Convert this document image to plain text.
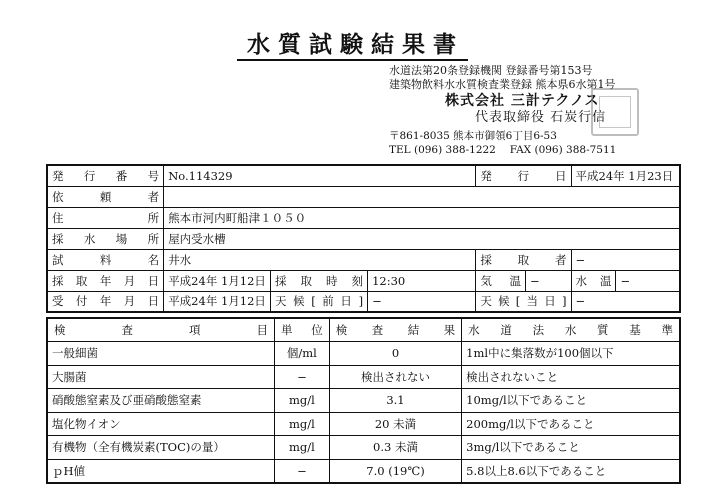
水質試験結果書
水道法第20条登録機関 登録番号第153号
建築物飲料水水質検査業登録 熊本県6水第1号
株式会社 三計テクノス
代表取締役 石炭行信
〒861-8035 熊本市御領6丁目6-53
TEL (096) 388-1222　 FAX (096) 388-7511
発行番号	No.114329			発行日		平成24年 1月23日	
依頼者							
住所	熊本市河内町船津１０５０						
採水場所	屋内受水槽						
試料名	井水			採取者		−	
採取年月日	平成24年 1月12日	採取時刻	12:30	気温	−	水温	−
受付年月日	平成24年 1月12日	天候[前日]	−	天候[当日]		−	
検査項目	単位	検査結果	水道法水質基準
一般細菌	個/ml	0	1ml中に集落数が100個以下
大腸菌	−	検出されない	検出されないこと
硝酸態窒素及び亜硝酸態窒素	mg/l	3.1	10mg/l以下であること
塩化物イオン	mg/l	20 未満	200mg/l以下であること
有機物（全有機炭素(TOC)の量）	mg/l	0.3 未満	3mg/l以下であること
ｐH値	−	7.0 (19℃)	5.8以上8.6以下であること
